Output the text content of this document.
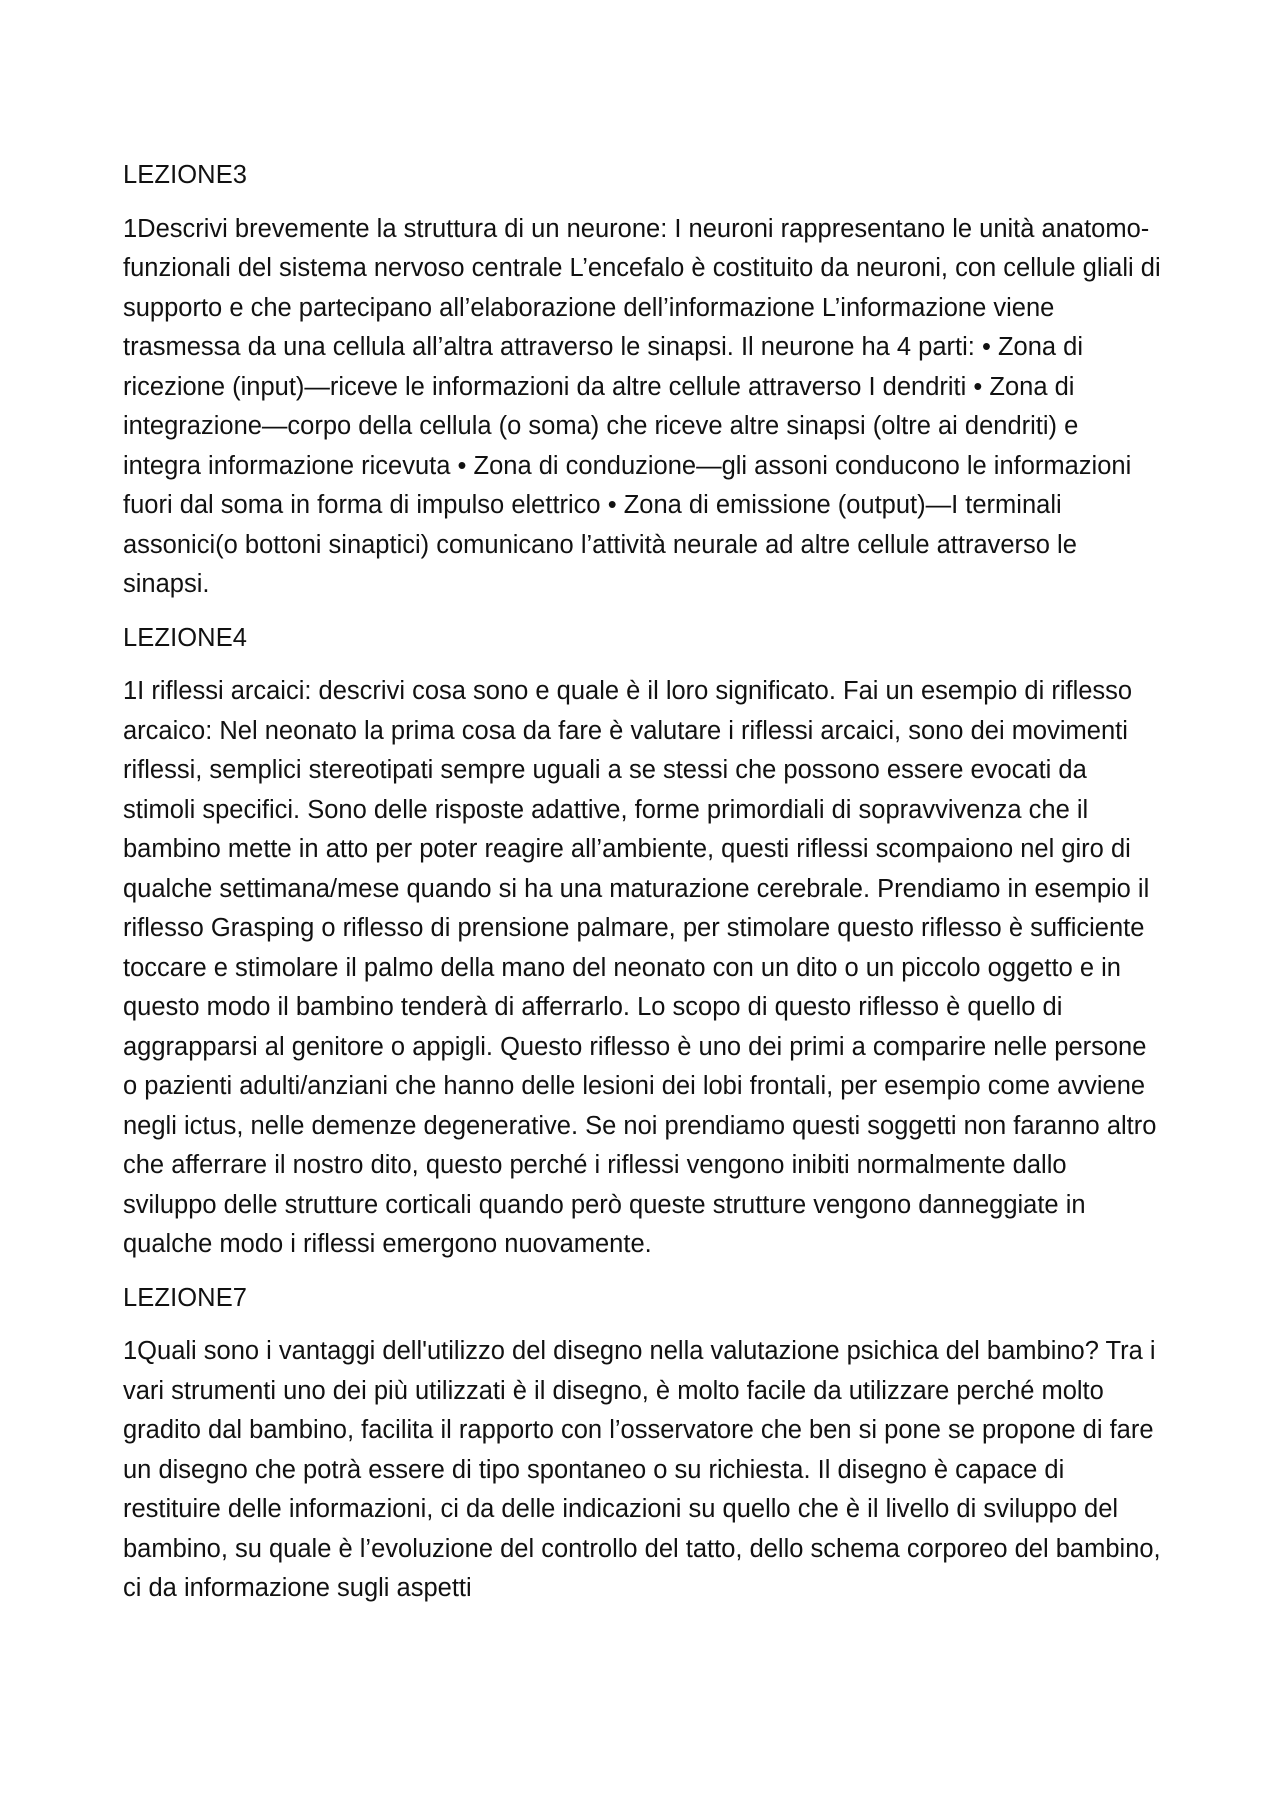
LEZIONE3
1Descrivi brevemente la struttura di un neurone: I neuroni rappresentano le unità anatomo-funzionali del sistema nervoso centrale L’encefalo è costituito da neuroni, con cellule gliali di supporto e che partecipano all’elaborazione dell’informazione L’informazione viene trasmessa da una cellula all’altra attraverso le sinapsi. Il neurone ha 4 parti: • Zona di ricezione (input)—riceve le informazioni da altre cellule attraverso I dendriti • Zona di integrazione—corpo della cellula (o soma) che riceve altre sinapsi (oltre ai dendriti) e integra informazione ricevuta • Zona di conduzione—gli assoni conducono le informazioni fuori dal soma in forma di impulso elettrico • Zona di emissione (output)—I terminali assonici(o bottoni sinaptici) comunicano l’attività neurale ad altre cellule attraverso le sinapsi.
LEZIONE4
1I riflessi arcaici: descrivi cosa sono e quale è il loro significato. Fai un esempio di riflesso arcaico: Nel neonato la prima cosa da fare è valutare i riflessi arcaici, sono dei movimenti riflessi, semplici stereotipati sempre uguali a se stessi che possono essere evocati da stimoli specifici. Sono delle risposte adattive, forme primordiali di sopravvivenza che il bambino mette in atto per poter reagire all’ambiente, questi riflessi scompaiono nel giro di qualche settimana/mese quando si ha una maturazione cerebrale. Prendiamo in esempio il riflesso Grasping o riflesso di prensione palmare, per stimolare questo riflesso è sufficiente toccare e stimolare il palmo della mano del neonato con un dito o un piccolo oggetto e in questo modo il bambino tenderà di afferrarlo. Lo scopo di questo riflesso è quello di aggrapparsi al genitore o appigli. Questo riflesso è uno dei primi a comparire nelle persone o pazienti adulti/anziani che hanno delle lesioni dei lobi frontali, per esempio come avviene negli ictus, nelle demenze degenerative. Se noi prendiamo questi soggetti non faranno altro che afferrare il nostro dito, questo perché i riflessi vengono inibiti normalmente dallo sviluppo delle strutture corticali quando però queste strutture vengono danneggiate in qualche modo i riflessi emergono nuovamente.
LEZIONE7
1Quali sono i vantaggi dell'utilizzo del disegno nella valutazione psichica del bambino? Tra i vari strumenti uno dei più utilizzati è il disegno, è molto facile da utilizzare perché molto gradito dal bambino, facilita il rapporto con l’osservatore che ben si pone se propone di fare un disegno che potrà essere di tipo spontaneo o su richiesta. Il disegno è capace di restituire delle informazioni, ci da delle indicazioni su quello che è il livello di sviluppo del bambino, su quale è l’evoluzione del controllo del tatto, dello schema corporeo del bambino, ci da informazione sugli aspetti
